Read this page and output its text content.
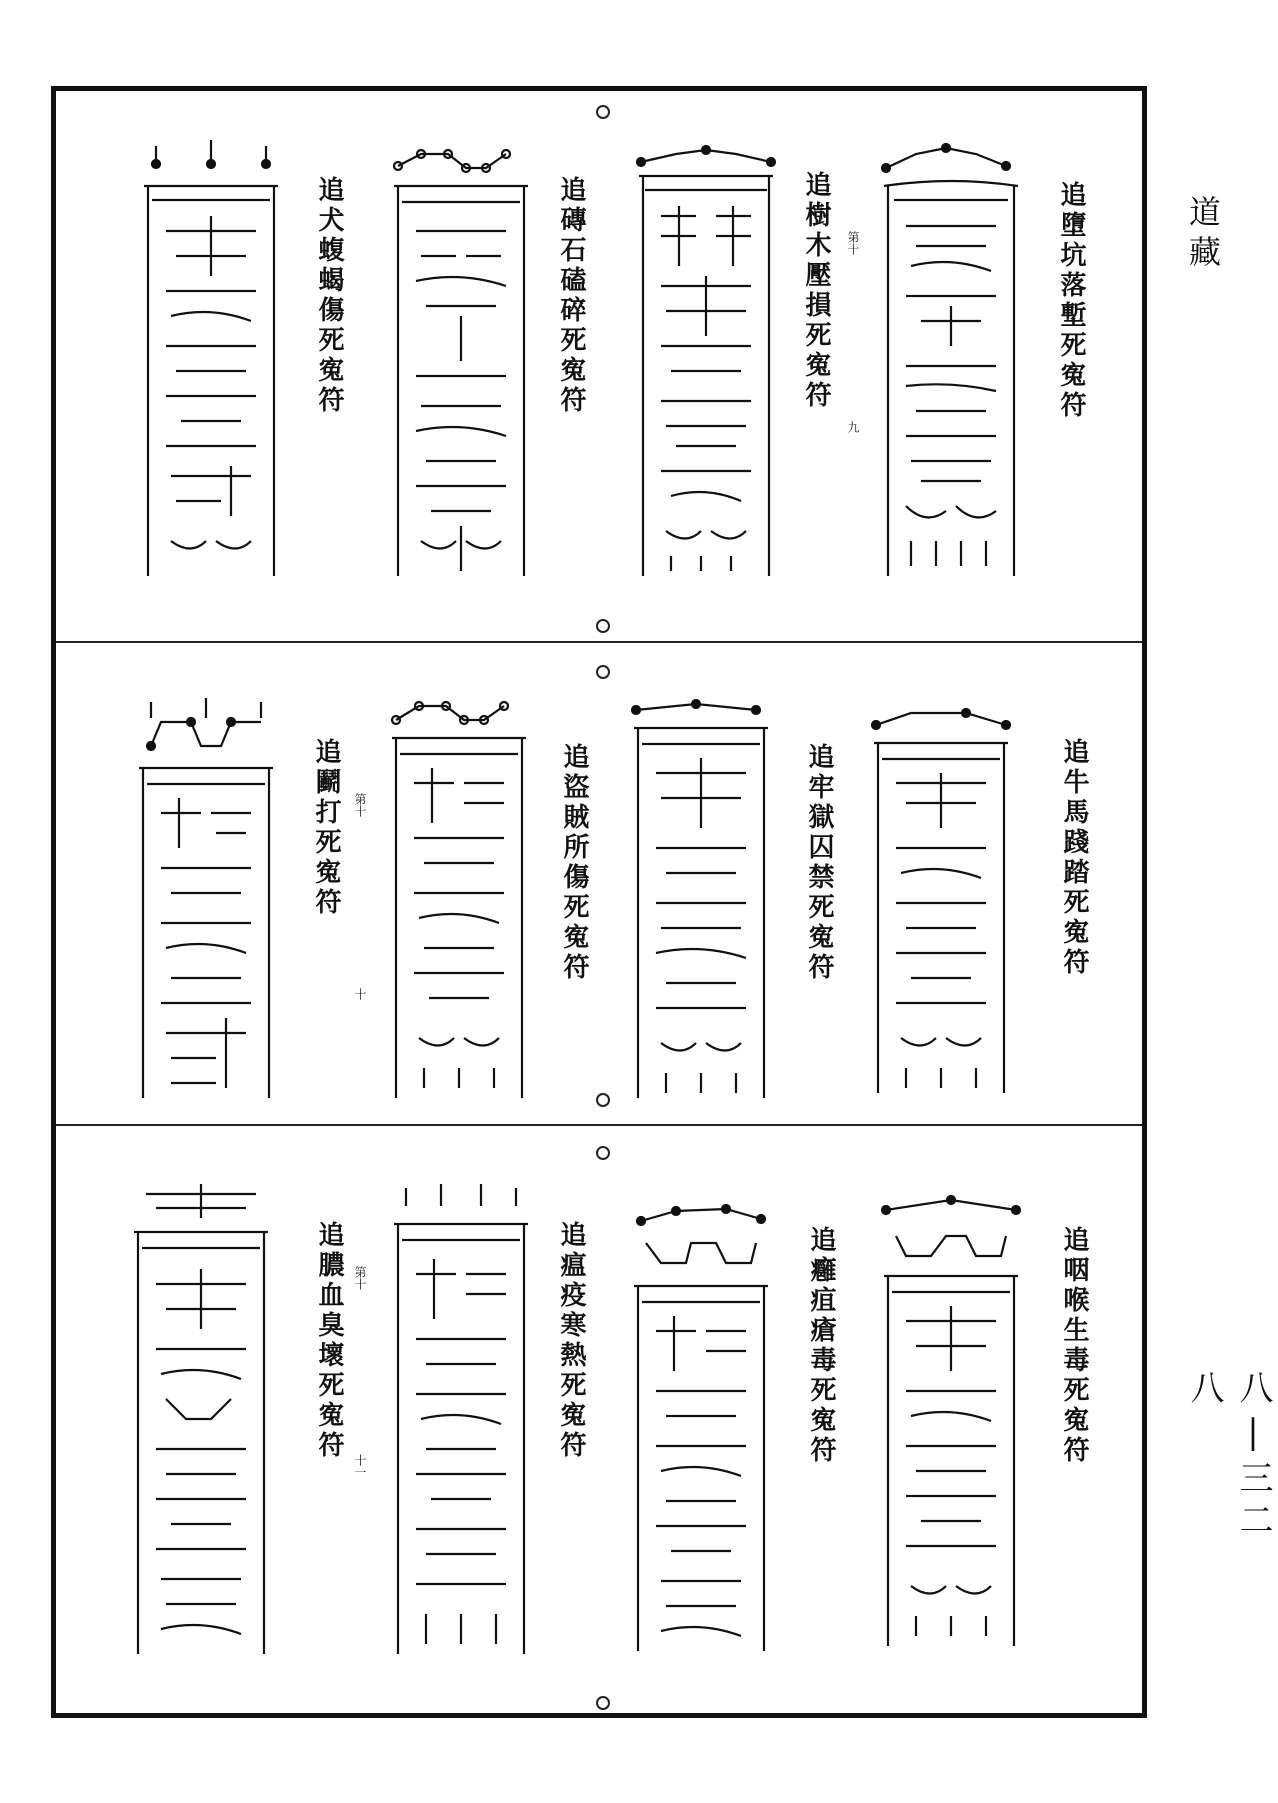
道藏
八|三二八
追墮坑落塹死寃符
追樹木壓損死寃符 第十
九
追磚石磕碎死寃符
追犬蝮蝎傷死寃符
追牛馬踐踏死寃符
追牢獄囚禁死寃符
追盜賊所傷死寃符
追鬬打死寃符 第十
十
追咽喉生毒死寃符
追癰疽瘡毒死寃符
追瘟疫寒熱死寃符
追膿血臭壞死寃符 第十
十一
